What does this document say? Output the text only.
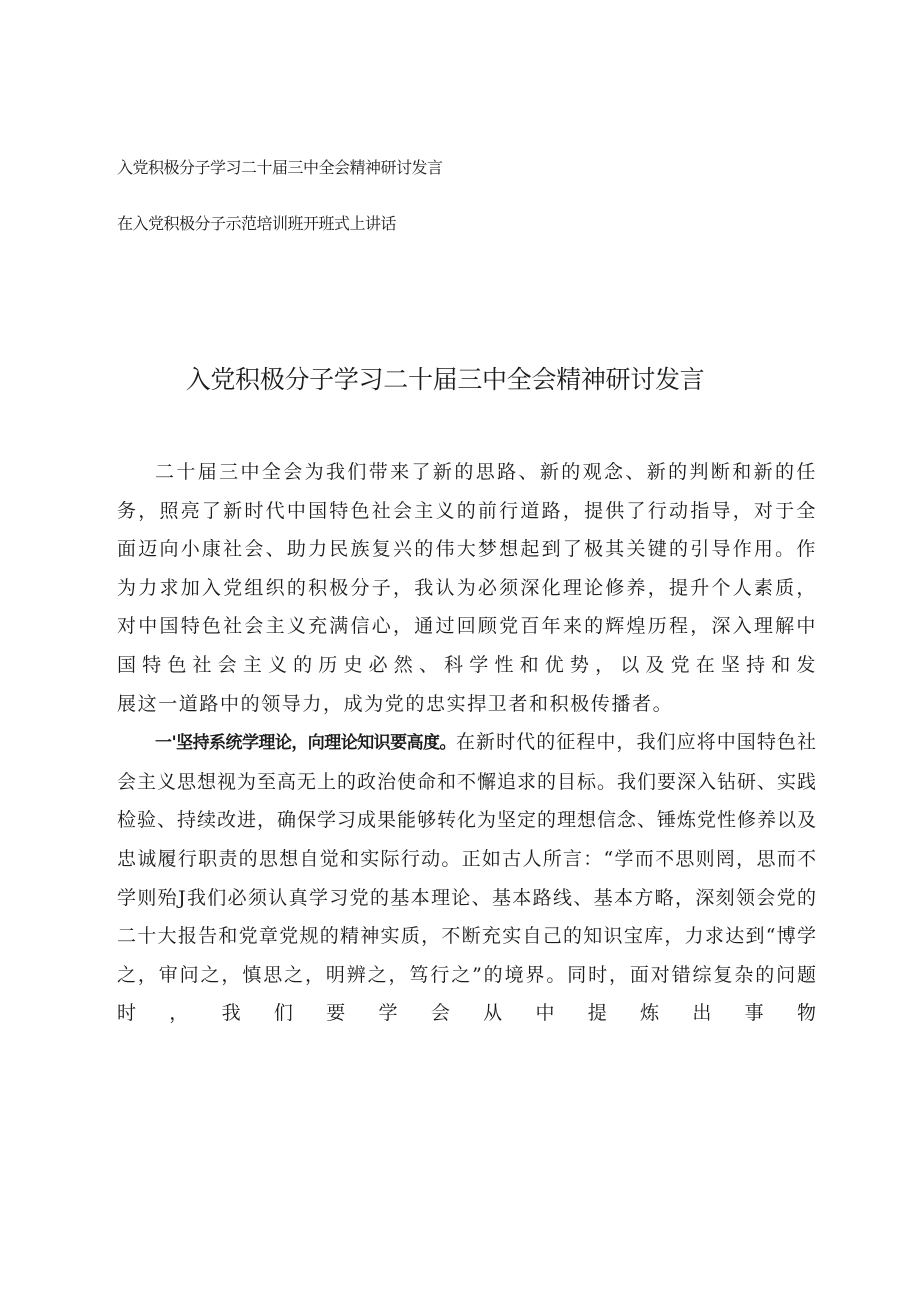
入党积极分子学习二十届三中全会精神研讨发言

在入党积极分子示范培训班开班式上讲话

入党积极分子学习二十届三中全会精神研讨发言

二十届三中全会为我们带来了新的思路、新的观念、新的判断和新的任务，照亮了新时代中国特色社会主义的前行道路，提供了行动指导，对于全面迈向小康社会、助力民族复兴的伟大梦想起到了极其关键的引导作用。作为力求加入党组织的积极分子，我认为必须深化理论修养，提升个人素质，对中国特色社会主义充满信心，通过回顾党百年来的辉煌历程，深入理解中国特色社会主义的历史必然、科学性和优势，以及党在坚持和发
展这一道路中的领导力，成为党的忠实捍卫者和积极传播者。

一'坚持系统学理论，向理论知识要高度。在新时代的征程中，我们应将中国特色社会主义思想视为至高无上的政治使命和不懈追求的目标。我们要深入钻研、实践检验、持续改进，确保学习成果能够转化为坚定的理想信念、锤炼党性修养以及忠诚履行职责的思想自觉和实际行动。正如古人所言：“学而不思则罔，思而不学则殆J我们必须认真学习党的基本理论、基本路线、基本方略，深刻领会党的二十大报告和党章党规的精神实质，不断充实自己的知识宝库，力求达到“博学之，审问之，慎思之，明辨之，笃行之”的境界。同时，面对错综复杂的问题时，我们要学会从中提炼出事物
